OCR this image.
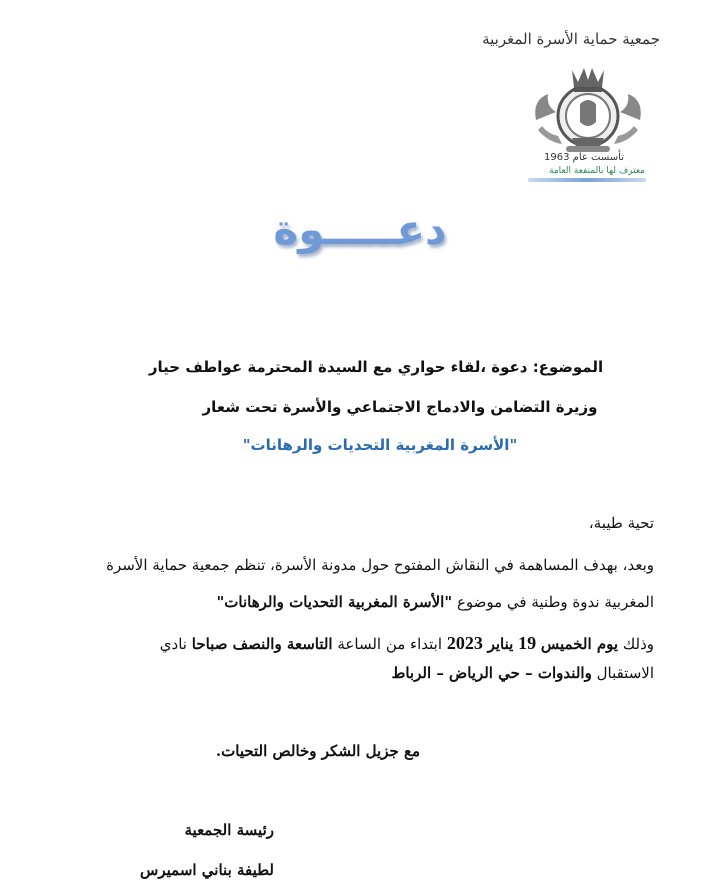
جمعية حماية الأسرة المغربية
تأسست عام 1963
معترف لها بالمنفعة العامة
دعـــــوة
الموضوع: دعوة ،لقاء حواري مع السيدة المحترمة عواطف حيار
وزيرة التضامن والادماج الاجتماعي والأسرة تحت شعار
"الأسرة المغربية التحديات والرهانات"
تحية طيبة،
وبعد، بهدف المساهمة في النقاش المفتوح حول مدونة الأسرة، تنظم جمعية حماية الأسرة
المغربية ندوة وطنية في موضوع "الأسرة المغربية التحديات والرهانات"
وذلك يوم الخميس 19 يناير 2023 ابتداء من الساعة التاسعة والنصف صباحا نادي
الاستقبال والندوات – حي الرياض – الرباط
مع جزيل الشكر وخالص التحيات.
رئيسة الجمعية
لطيفة بناني اسميرس
